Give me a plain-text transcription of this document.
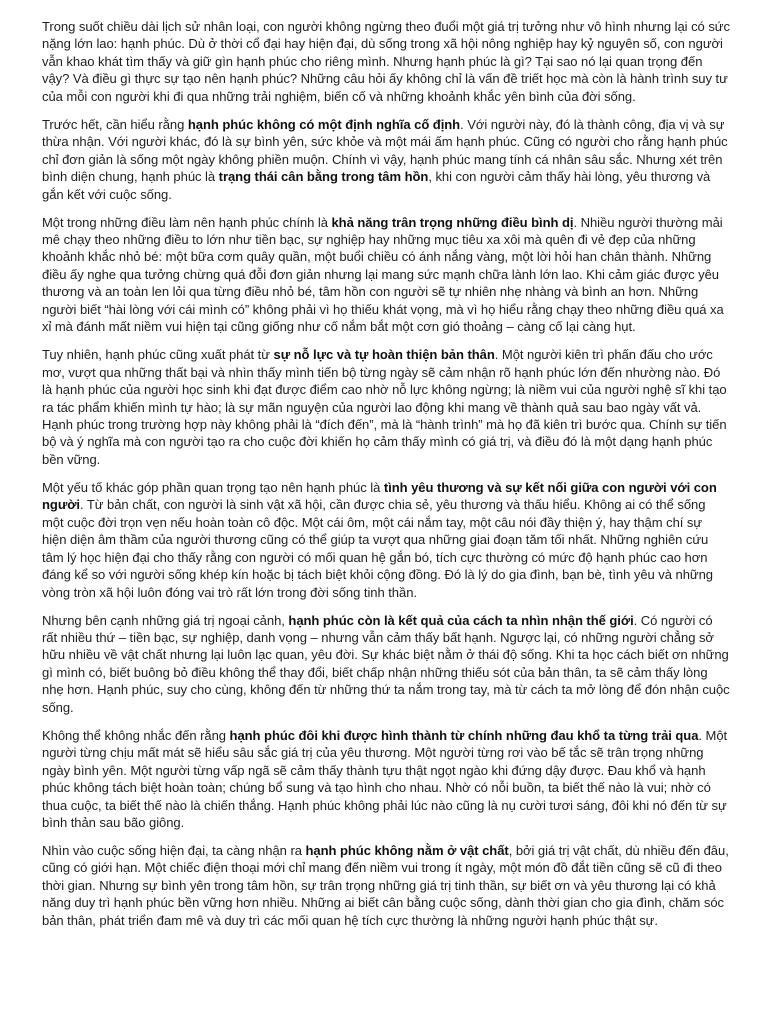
Trong suốt chiều dài lịch sử nhân loại, con người không ngừng theo đuổi một giá trị tưởng như vô hình nhưng lại có sức nặng lớn lao: hạnh phúc. Dù ở thời cổ đại hay hiện đại, dù sống trong xã hội nông nghiệp hay kỷ nguyên số, con người vẫn khao khát tìm thấy và giữ gìn hạnh phúc cho riêng mình. Nhưng hạnh phúc là gì? Tại sao nó lại quan trọng đến vậy? Và điều gì thực sự tạo nên hạnh phúc? Những câu hỏi ấy không chỉ là vấn đề triết học mà còn là hành trình suy tư của mỗi con người khi đi qua những trải nghiệm, biến cố và những khoảnh khắc yên bình của đời sống.

Trước hết, cần hiểu rằng hạnh phúc không có một định nghĩa cố định. Với người này, đó là thành công, địa vị và sự thừa nhận. Với người khác, đó là sự bình yên, sức khỏe và một mái ấm hạnh phúc. Cũng có người cho rằng hạnh phúc chỉ đơn giản là sống một ngày không phiền muộn. Chính vì vậy, hạnh phúc mang tính cá nhân sâu sắc. Nhưng xét trên bình diện chung, hạnh phúc là trạng thái cân bằng trong tâm hồn, khi con người cảm thấy hài lòng, yêu thương và gắn kết với cuộc sống.

Một trong những điều làm nên hạnh phúc chính là khả năng trân trọng những điều bình dị. Nhiều người thường mải mê chạy theo những điều to lớn như tiền bạc, sự nghiệp hay những mục tiêu xa xôi mà quên đi vẻ đẹp của những khoảnh khắc nhỏ bé: một bữa cơm quây quần, một buổi chiều có ánh nắng vàng, một lời hỏi han chân thành. Những điều ấy nghe qua tưởng chừng quá đỗi đơn giản nhưng lại mang sức mạnh chữa lành lớn lao. Khi cảm giác được yêu thương và an toàn len lỏi qua từng điều nhỏ bé, tâm hồn con người sẽ tự nhiên nhẹ nhàng và bình an hơn. Những người biết “hài lòng với cái mình có” không phải vì họ thiếu khát vọng, mà vì họ hiểu rằng chạy theo những điều quá xa xỉ mà đánh mất niềm vui hiện tại cũng giống như cố nắm bắt một cơn gió thoảng – càng cố lại càng hụt.

Tuy nhiên, hạnh phúc cũng xuất phát từ sự nỗ lực và tự hoàn thiện bản thân. Một người kiên trì phấn đấu cho ước mơ, vượt qua những thất bại và nhìn thấy mình tiến bộ từng ngày sẽ cảm nhận rõ hạnh phúc lớn đến nhường nào. Đó là hạnh phúc của người học sinh khi đạt được điểm cao nhờ nỗ lực không ngừng; là niềm vui của người nghệ sĩ khi tạo ra tác phẩm khiến mình tự hào; là sự mãn nguyện của người lao động khi mang về thành quả sau bao ngày vất vả. Hạnh phúc trong trường hợp này không phải là “đích đến”, mà là “hành trình” mà họ đã kiên trì bước qua. Chính sự tiến bộ và ý nghĩa mà con người tạo ra cho cuộc đời khiến họ cảm thấy mình có giá trị, và điều đó là một dạng hạnh phúc bền vững.

Một yếu tố khác góp phần quan trọng tạo nên hạnh phúc là tình yêu thương và sự kết nối giữa con người với con người. Từ bản chất, con người là sinh vật xã hội, cần được chia sẻ, yêu thương và thấu hiểu. Không ai có thể sống một cuộc đời trọn vẹn nếu hoàn toàn cô độc. Một cái ôm, một cái nắm tay, một câu nói đầy thiện ý, hay thậm chí sự hiện diện âm thầm của người thương cũng có thể giúp ta vượt qua những giai đoạn tăm tối nhất. Những nghiên cứu tâm lý học hiện đại cho thấy rằng con người có mối quan hệ gắn bó, tích cực thường có mức độ hạnh phúc cao hơn đáng kể so với người sống khép kín hoặc bị tách biệt khỏi cộng đồng. Đó là lý do gia đình, bạn bè, tình yêu và những vòng tròn xã hội luôn đóng vai trò rất lớn trong đời sống tinh thần.

Nhưng bên cạnh những giá trị ngoại cảnh, hạnh phúc còn là kết quả của cách ta nhìn nhận thế giới. Có người có rất nhiều thứ – tiền bạc, sự nghiệp, danh vọng – nhưng vẫn cảm thấy bất hạnh. Ngược lại, có những người chẳng sở hữu nhiều về vật chất nhưng lại luôn lạc quan, yêu đời. Sự khác biệt nằm ở thái độ sống. Khi ta học cách biết ơn những gì mình có, biết buông bỏ điều không thể thay đổi, biết chấp nhận những thiếu sót của bản thân, ta sẽ cảm thấy lòng nhẹ hơn. Hạnh phúc, suy cho cùng, không đến từ những thứ ta nắm trong tay, mà từ cách ta mở lòng để đón nhận cuộc sống.

Không thể không nhắc đến rằng hạnh phúc đôi khi được hình thành từ chính những đau khổ ta từng trải qua. Một người từng chịu mất mát sẽ hiểu sâu sắc giá trị của yêu thương. Một người từng rơi vào bế tắc sẽ trân trọng những ngày bình yên. Một người từng vấp ngã sẽ cảm thấy thành tựu thật ngọt ngào khi đứng dậy được. Đau khổ và hạnh phúc không tách biệt hoàn toàn; chúng bổ sung và tạo hình cho nhau. Nhờ có nỗi buồn, ta biết thế nào là vui; nhờ có thua cuộc, ta biết thế nào là chiến thắng. Hạnh phúc không phải lúc nào cũng là nụ cười tươi sáng, đôi khi nó đến từ sự bình thản sau bão giông.

Nhìn vào cuộc sống hiện đại, ta càng nhận ra hạnh phúc không nằm ở vật chất, bởi giá trị vật chất, dù nhiều đến đâu, cũng có giới hạn. Một chiếc điện thoại mới chỉ mang đến niềm vui trong ít ngày, một món đồ đắt tiền cũng sẽ cũ đi theo thời gian. Nhưng sự bình yên trong tâm hồn, sự trân trọng những giá trị tinh thần, sự biết ơn và yêu thương lại có khả năng duy trì hạnh phúc bền vững hơn nhiều. Những ai biết cân bằng cuộc sống, dành thời gian cho gia đình, chăm sóc bản thân, phát triển đam mê và duy trì các mối quan hệ tích cực thường là những người hạnh phúc thật sự.
